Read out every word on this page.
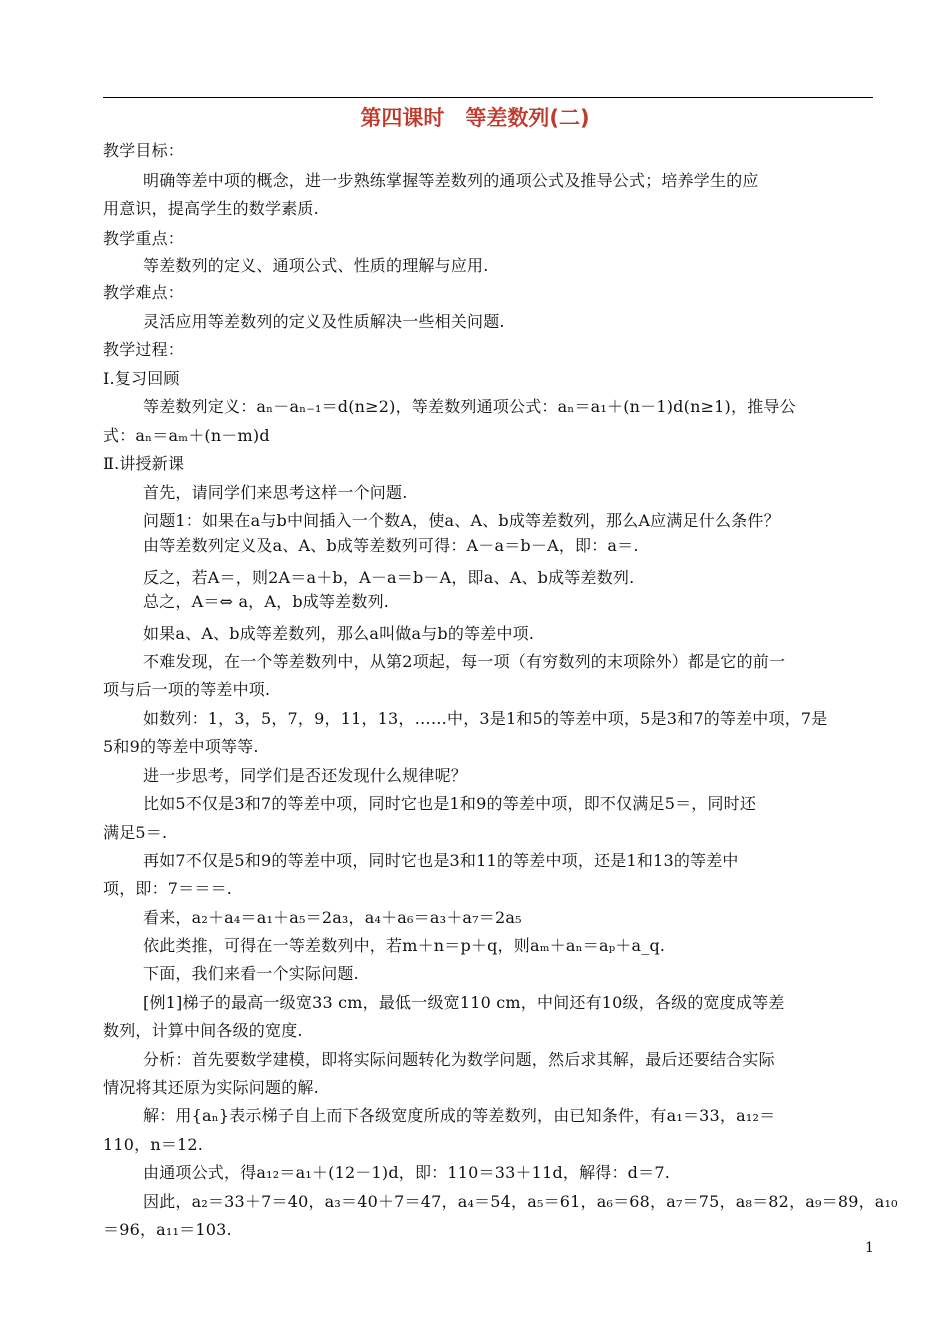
第四课时　等差数列(二)
教学目标：
明确等差中项的概念，进一步熟练掌握等差数列的通项公式及推导公式；培养学生的应
用意识，提高学生的数学素质.
教学重点：
等差数列的定义、通项公式、性质的理解与应用.
教学难点：
灵活应用等差数列的定义及性质解决一些相关问题.
教学过程：
Ⅰ.复习回顾
等差数列定义：aₙ－aₙ₋₁＝d(n≥2)，等差数列通项公式：aₙ＝a₁＋(n－1)d(n≥1)，推导公
式：aₙ＝aₘ＋(n－m)d
Ⅱ.讲授新课
首先，请同学们来思考这样一个问题.
问题1：如果在a与b中间插入一个数A，使a、A、b成等差数列，那么A应满足什么条件？
由等差数列定义及a、A、b成等差数列可得：A－a＝b－A，即：a＝.
反之，若A＝，则2A＝a＋b，A－a＝b－A，即a、A、b成等差数列.
总之，A＝⇔ a，A，b成等差数列.
如果a、A、b成等差数列，那么a叫做a与b的等差中项.
不难发现，在一个等差数列中，从第2项起，每一项（有穷数列的末项除外）都是它的前一
项与后一项的等差中项.
如数列：1，3，5，7，9，11，13，……中，3是1和5的等差中项，5是3和7的等差中项，7是
5和9的等差中项等等.
进一步思考，同学们是否还发现什么规律呢？
比如5不仅是3和7的等差中项，同时它也是1和9的等差中项，即不仅满足5＝，同时还
满足5＝.
再如7不仅是5和9的等差中项，同时它也是3和11的等差中项，还是1和13的等差中
项，即：7＝＝＝.
看来，a₂＋a₄＝a₁＋a₅＝2a₃，a₄＋a₆＝a₃＋a₇＝2a₅
依此类推，可得在一等差数列中，若m＋n＝p＋q，则aₘ＋aₙ＝aₚ＋a_q.
下面，我们来看一个实际问题.
[例1]梯子的最高一级宽33 cm，最低一级宽110 cm，中间还有10级，各级的宽度成等差
数列，计算中间各级的宽度.
分析：首先要数学建模，即将实际问题转化为数学问题，然后求其解，最后还要结合实际
情况将其还原为实际问题的解.
解：用{aₙ}表示梯子自上而下各级宽度所成的等差数列，由已知条件，有a₁＝33，a₁₂＝
110，n＝12.
由通项公式，得a₁₂＝a₁＋(12－1)d，即：110＝33＋11d，解得：d＝7.
因此，a₂＝33＋7＝40，a₃＝40＋7＝47，a₄＝54，a₅＝61，a₆＝68，a₇＝75，a₈＝82，a₉＝89，a₁₀
＝96，a₁₁＝103.
1
